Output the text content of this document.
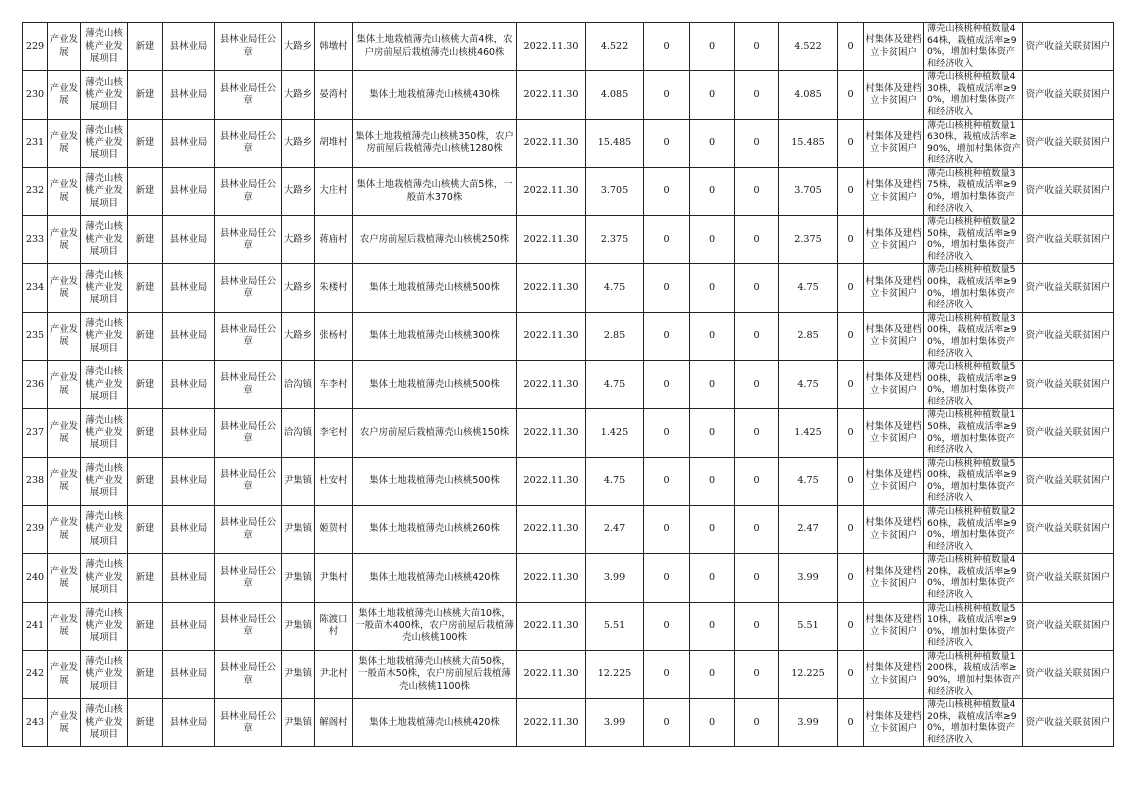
229	产业发展	薄壳山核桃产业发展项目	新建	县林业局	县林业局任公章	大路乡	韩墩村	集体土地栽植薄壳山核桃大苗4株，农户房前屋后栽植薄壳山核桃460株	2022.11.30	4.522	0	0	0	4.522	0	村集体及建档立卡贫困户	薄壳山核桃种植数量464株，栽植成活率≥90%，增加村集体资产和经济收入	资产收益关联贫困户
230	产业发展	薄壳山核桃产业发展项目	新建	县林业局	县林业局任公章	大路乡	晏湾村	集体土地栽植薄壳山核桃430株	2022.11.30	4.085	0	0	0	4.085	0	村集体及建档立卡贫困户	薄壳山核桃种植数量430株，栽植成活率≥90%，增加村集体资产和经济收入	资产收益关联贫困户
231	产业发展	薄壳山核桃产业发展项目	新建	县林业局	县林业局任公章	大路乡	胡堆村	集体土地栽植薄壳山核桃350株，农户房前屋后栽植薄壳山核桃1280株	2022.11.30	15.485	0	0	0	15.485	0	村集体及建档立卡贫困户	薄壳山核桃种植数量1630株，栽植成活率≥90%，增加村集体资产和经济收入	资产收益关联贫困户
232	产业发展	薄壳山核桃产业发展项目	新建	县林业局	县林业局任公章	大路乡	大庄村	集体土地栽植薄壳山核桃大苗5株，一般苗木370株	2022.11.30	3.705	0	0	0	3.705	0	村集体及建档立卡贫困户	薄壳山核桃种植数量375株，栽植成活率≥90%，增加村集体资产和经济收入	资产收益关联贫困户
233	产业发展	薄壳山核桃产业发展项目	新建	县林业局	县林业局任公章	大路乡	蒋庙村	农户房前屋后栽植薄壳山核桃250株	2022.11.30	2.375	0	0	0	2.375	0	村集体及建档立卡贫困户	薄壳山核桃种植数量250株，栽植成活率≥90%，增加村集体资产和经济收入	资产收益关联贫困户
234	产业发展	薄壳山核桃产业发展项目	新建	县林业局	县林业局任公章	大路乡	朱楼村	集体土地栽植薄壳山核桃500株	2022.11.30	4.75	0	0	0	4.75	0	村集体及建档立卡贫困户	薄壳山核桃种植数量500株，栽植成活率≥90%，增加村集体资产和经济收入	资产收益关联贫困户
235	产业发展	薄壳山核桃产业发展项目	新建	县林业局	县林业局任公章	大路乡	张杨村	集体土地栽植薄壳山核桃300株	2022.11.30	2.85	0	0	0	2.85	0	村集体及建档立卡贫困户	薄壳山核桃种植数量300株，栽植成活率≥90%，增加村集体资产和经济收入	资产收益关联贫困户
236	产业发展	薄壳山核桃产业发展项目	新建	县林业局	县林业局任公章	洽沟镇	车李村	集体土地栽植薄壳山核桃500株	2022.11.30	4.75	0	0	0	4.75	0	村集体及建档立卡贫困户	薄壳山核桃种植数量500株，栽植成活率≥90%，增加村集体资产和经济收入	资产收益关联贫困户
237	产业发展	薄壳山核桃产业发展项目	新建	县林业局	县林业局任公章	洽沟镇	李宅村	农户房前屋后栽植薄壳山核桃150株	2022.11.30	1.425	0	0	0	1.425	0	村集体及建档立卡贫困户	薄壳山核桃种植数量150株，栽植成活率≥90%，增加村集体资产和经济收入	资产收益关联贫困户
238	产业发展	薄壳山核桃产业发展项目	新建	县林业局	县林业局任公章	尹集镇	杜安村	集体土地栽植薄壳山核桃500株	2022.11.30	4.75	0	0	0	4.75	0	村集体及建档立卡贫困户	薄壳山核桃种植数量500株，栽植成活率≥90%，增加村集体资产和经济收入	资产收益关联贫困户
239	产业发展	薄壳山核桃产业发展项目	新建	县林业局	县林业局任公章	尹集镇	姬贺村	集体土地栽植薄壳山核桃260株	2022.11.30	2.47	0	0	0	2.47	0	村集体及建档立卡贫困户	薄壳山核桃种植数量260株，栽植成活率≥90%，增加村集体资产和经济收入	资产收益关联贫困户
240	产业发展	薄壳山核桃产业发展项目	新建	县林业局	县林业局任公章	尹集镇	尹集村	集体土地栽植薄壳山核桃420株	2022.11.30	3.99	0	0	0	3.99	0	村集体及建档立卡贫困户	薄壳山核桃种植数量420株，栽植成活率≥90%，增加村集体资产和经济收入	资产收益关联贫困户
241	产业发展	薄壳山核桃产业发展项目	新建	县林业局	县林业局任公章	尹集镇	陈渡口村	集体土地栽植薄壳山核桃大苗10株，一般苗木400株，农户房前屋后栽植薄壳山核桃100株	2022.11.30	5.51	0	0	0	5.51	0	村集体及建档立卡贫困户	薄壳山核桃种植数量510株，栽植成活率≥90%，增加村集体资产和经济收入	资产收益关联贫困户
242	产业发展	薄壳山核桃产业发展项目	新建	县林业局	县林业局任公章	尹集镇	尹北村	集体土地栽植薄壳山核桃大苗50株，一般苗木50株，农户房前屋后栽植薄壳山核桃1100株	2022.11.30	12.225	0	0	0	12.225	0	村集体及建档立卡贫困户	薄壳山核桃种植数量1200株，栽植成活率≥90%，增加村集体资产和经济收入	资产收益关联贫困户
243	产业发展	薄壳山核桃产业发展项目	新建	县林业局	县林业局任公章	尹集镇	解阁村	集体土地栽植薄壳山核桃420株	2022.11.30	3.99	0	0	0	3.99	0	村集体及建档立卡贫困户	薄壳山核桃种植数量420株，栽植成活率≥90%，增加村集体资产和经济收入	资产收益关联贫困户
